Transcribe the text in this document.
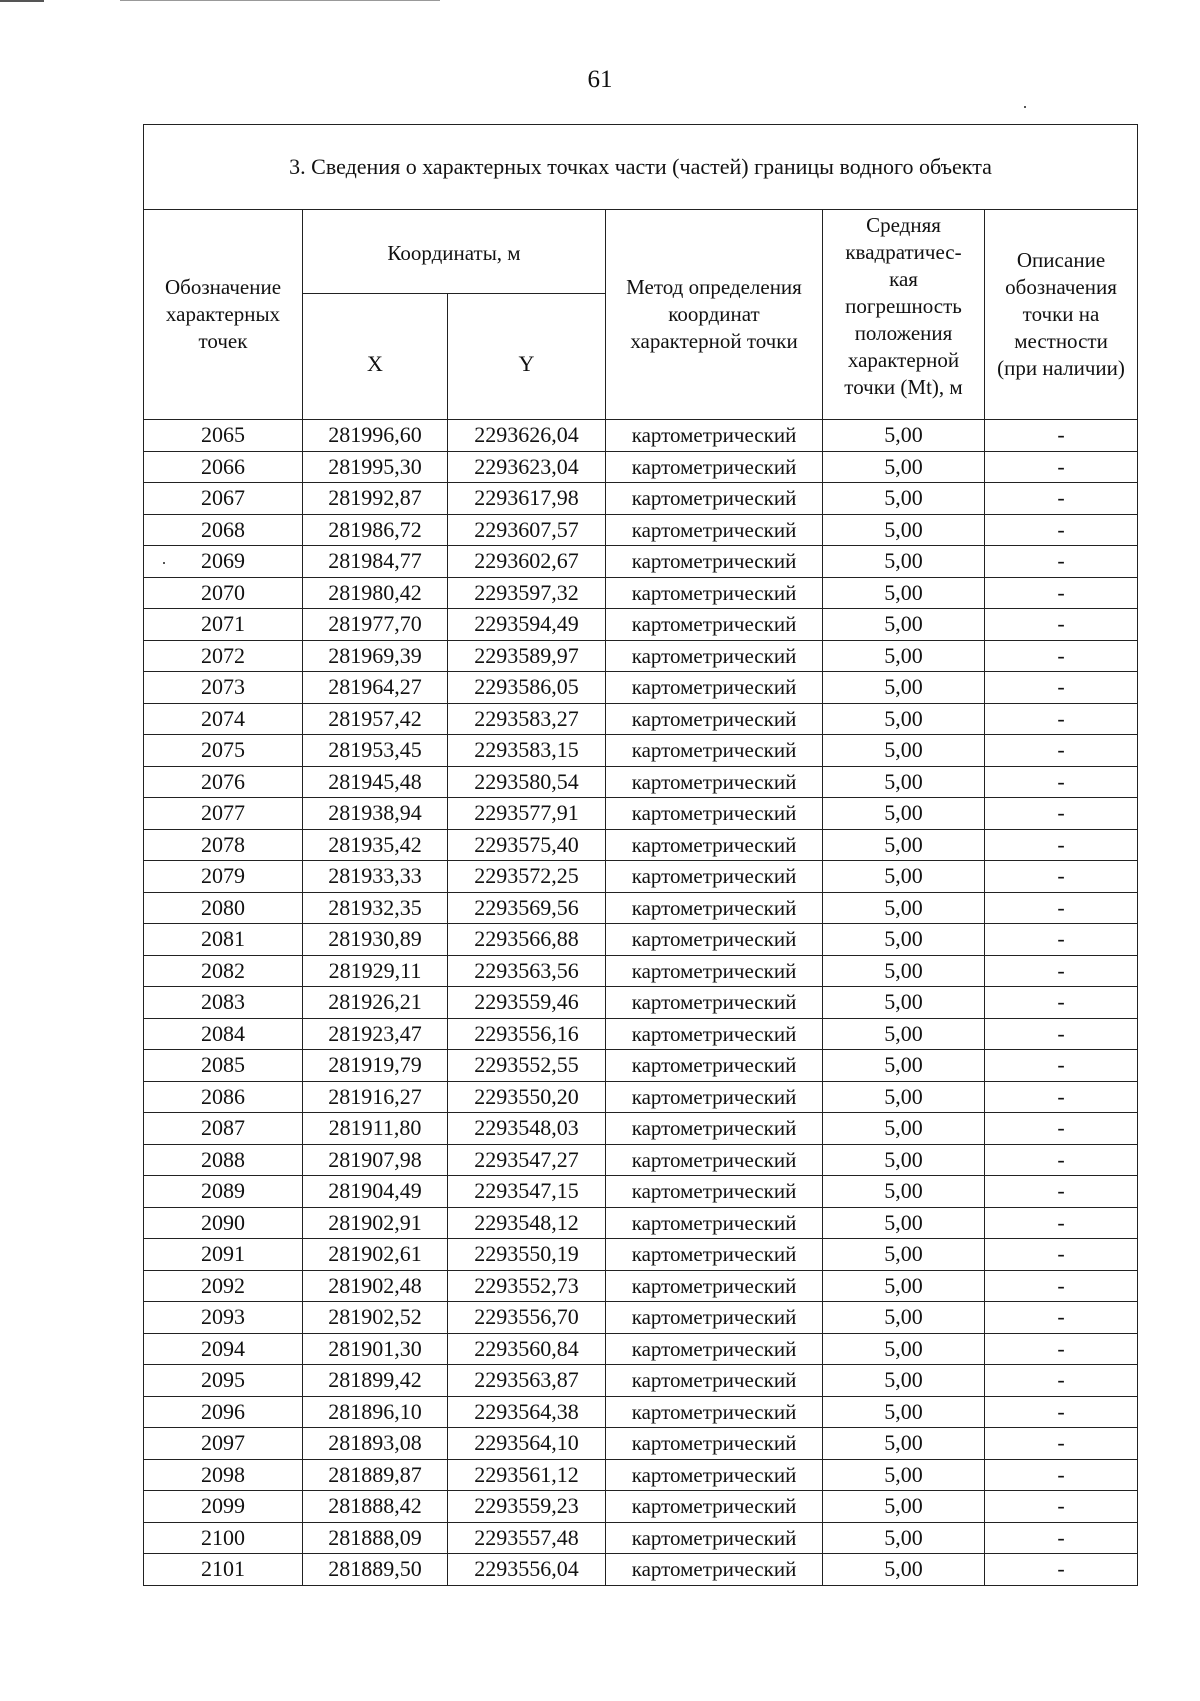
61
3. Сведения о характерных точках части (частей) границы водного объекта					
Обозначение характерных точек	Координаты, м		Метод определения координат характерной точки	Средняя квадратичес-кая погрешность положения характерной точки (Mt), м	Описание обозначения точки на местности (при наличии)
	X	Y			
2065	281996,60	2293626,04	картометрический	5,00	-
2066	281995,30	2293623,04	картометрический	5,00	-
2067	281992,87	2293617,98	картометрический	5,00	-
2068	281986,72	2293607,57	картометрический	5,00	-
2069	281984,77	2293602,67	картометрический	5,00	-
2070	281980,42	2293597,32	картометрический	5,00	-
2071	281977,70	2293594,49	картометрический	5,00	-
2072	281969,39	2293589,97	картометрический	5,00	-
2073	281964,27	2293586,05	картометрический	5,00	-
2074	281957,42	2293583,27	картометрический	5,00	-
2075	281953,45	2293583,15	картометрический	5,00	-
2076	281945,48	2293580,54	картометрический	5,00	-
2077	281938,94	2293577,91	картометрический	5,00	-
2078	281935,42	2293575,40	картометрический	5,00	-
2079	281933,33	2293572,25	картометрический	5,00	-
2080	281932,35	2293569,56	картометрический	5,00	-
2081	281930,89	2293566,88	картометрический	5,00	-
2082	281929,11	2293563,56	картометрический	5,00	-
2083	281926,21	2293559,46	картометрический	5,00	-
2084	281923,47	2293556,16	картометрический	5,00	-
2085	281919,79	2293552,55	картометрический	5,00	-
2086	281916,27	2293550,20	картометрический	5,00	-
2087	281911,80	2293548,03	картометрический	5,00	-
2088	281907,98	2293547,27	картометрический	5,00	-
2089	281904,49	2293547,15	картометрический	5,00	-
2090	281902,91	2293548,12	картометрический	5,00	-
2091	281902,61	2293550,19	картометрический	5,00	-
2092	281902,48	2293552,73	картометрический	5,00	-
2093	281902,52	2293556,70	картометрический	5,00	-
2094	281901,30	2293560,84	картометрический	5,00	-
2095	281899,42	2293563,87	картометрический	5,00	-
2096	281896,10	2293564,38	картометрический	5,00	-
2097	281893,08	2293564,10	картометрический	5,00	-
2098	281889,87	2293561,12	картометрический	5,00	-
2099	281888,42	2293559,23	картометрический	5,00	-
2100	281888,09	2293557,48	картометрический	5,00	-
2101	281889,50	2293556,04	картометрический	5,00	-
